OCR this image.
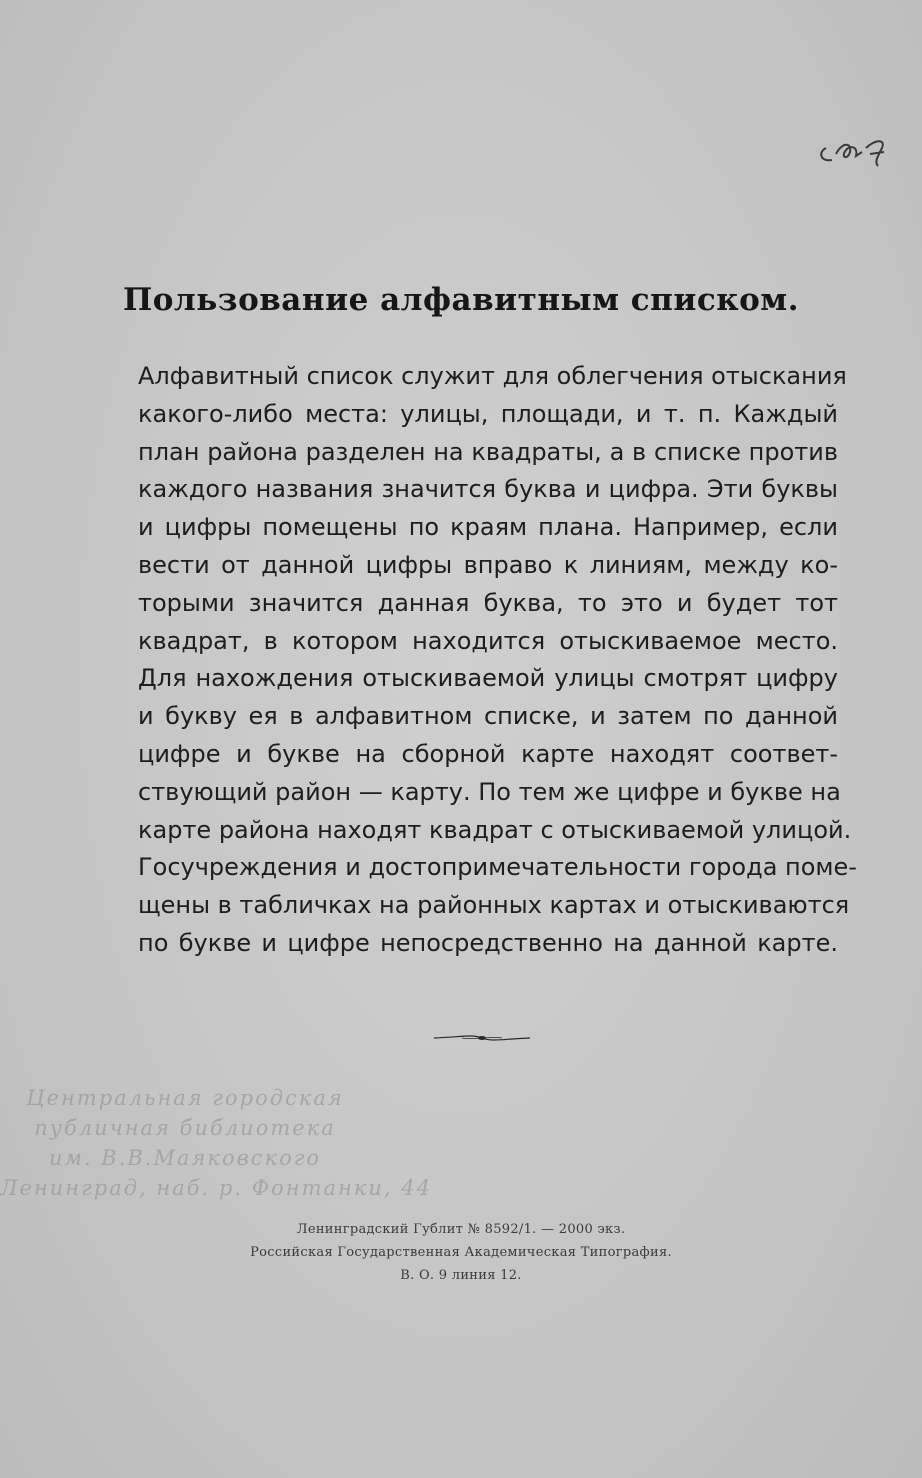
Пользование алфавитным списком.
Алфавитный список служит для облегчения отыскания
какого-либо места: улицы, площади, и т. п. Каждый
план района разделен на квадраты, а в списке против
каждого названия значится буква и цифра. Эти буквы
и цифры помещены по краям плана. Например, если
вести от данной цифры вправо к линиям, между ко-
торыми значится данная буква, то это и будет тот
квадрат, в котором находится отыскиваемое место.
Для нахождения отыскиваемой улицы смотрят цифру
и букву ея в алфавитном списке, и затем по данной
цифре и букве на сборной карте находят соответ-
ствующий район — карту. По тем же цифре и букве на
карте района находят квадрат с отыскиваемой улицой.
Госучреждения и достопримечательности города поме-
щены в табличках на районных картах и отыскиваются
по букве и цифре непосредственно на данной карте.
Центральная городская
публичная библиотека
им. В.В.Маяковского
Ленинград, наб. р. Фонтанки, 44
Ленинградский Гублит № 8592/1. — 2000 экз.
Российская Государственная Академическая Типография.
В. О. 9 линия 12.
